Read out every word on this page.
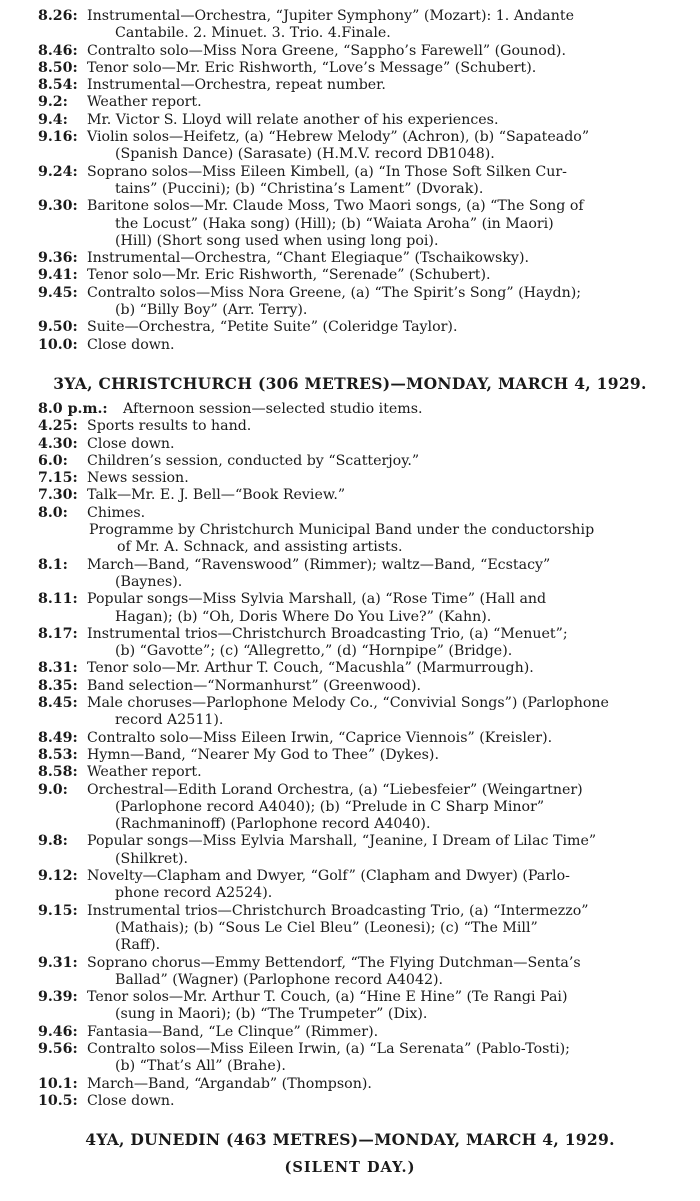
8.26: Instrumental—Orchestra, “Jupiter Symphony” (Mozart): 1. Andante
Cantabile. 2. Minuet. 3. Trio. 4.Finale.
8.46: Contralto solo—Miss Nora Greene, “Sappho’s Farewell” (Gounod).
8.50: Tenor solo—Mr. Eric Rishworth, “Love’s Message” (Schubert).
8.54: Instrumental—Orchestra, repeat number.
9.2: Weather report.
9.4: Mr. Victor S. Lloyd will relate another of his experiences.
9.16: Violin solos—Heifetz, (a) “Hebrew Melody” (Achron), (b) “Sapateado”
(Spanish Dance) (Sarasate) (H.M.V. record DB1048).
9.24: Soprano solos—Miss Eileen Kimbell, (a) “In Those Soft Silken Cur-
tains” (Puccini); (b) “Christina’s Lament” (Dvorak).
9.30: Baritone solos—Mr. Claude Moss, Two Maori songs, (a) “The Song of
the Locust” (Haka song) (Hill); (b) “Waiata Aroha” (in Maori)
(Hill) (Short song used when using long poi).
9.36: Instrumental—Orchestra, “Chant Elegiaque” (Tschaikowsky).
9.41: Tenor solo—Mr. Eric Rishworth, “Serenade” (Schubert).
9.45: Contralto solos—Miss Nora Greene, (a) “The Spirit’s Song” (Haydn);
(b) “Billy Boy” (Arr. Terry).
9.50: Suite—Orchestra, “Petite Suite” (Coleridge Taylor).
10.0: Close down.
3YA, CHRISTCHURCH (306 METRES)—MONDAY, MARCH 4, 1929.
8.0 p.m.: Afternoon session—selected studio items.
4.25: Sports results to hand.
4.30: Close down.
6.0: Children’s session, conducted by “Scatterjoy.”
7.15: News session.
7.30: Talk—Mr. E. J. Bell—“Book Review.”
8.0: Chimes.
Programme by Christchurch Municipal Band under the conductorship
of Mr. A. Schnack, and assisting artists.
8.1: March—Band, “Ravenswood” (Rimmer); waltz—Band, “Ecstacy”
(Baynes).
8.11: Popular songs—Miss Sylvia Marshall, (a) “Rose Time” (Hall and
Hagan); (b) “Oh, Doris Where Do You Live?” (Kahn).
8.17: Instrumental trios—Christchurch Broadcasting Trio, (a) “Menuet”;
(b) “Gavotte”; (c) “Allegretto,” (d) “Hornpipe” (Bridge).
8.31: Tenor solo—Mr. Arthur T. Couch, “Macushla” (Marmurrough).
8.35: Band selection—“Normanhurst” (Greenwood).
8.45: Male choruses—Parlophone Melody Co., “Convivial Songs”) (Parlophone
record A2511).
8.49: Contralto solo—Miss Eileen Irwin, “Caprice Viennois” (Kreisler).
8.53: Hymn—Band, “Nearer My God to Thee” (Dykes).
8.58: Weather report.
9.0: Orchestral—Edith Lorand Orchestra, (a) “Liebesfeier” (Weingartner)
(Parlophone record A4040); (b) “Prelude in C Sharp Minor”
(Rachmaninoff) (Parlophone record A4040).
9.8: Popular songs—Miss Eylvia Marshall, “Jeanine, I Dream of Lilac Time”
(Shilkret).
9.12: Novelty—Clapham and Dwyer, “Golf” (Clapham and Dwyer) (Parlo-
phone record A2524).
9.15: Instrumental trios—Christchurch Broadcasting Trio, (a) “Intermezzo”
(Mathais); (b) “Sous Le Ciel Bleu” (Leonesi); (c) “The Mill”
(Raff).
9.31: Soprano chorus—Emmy Bettendorf, “The Flying Dutchman—Senta’s
Ballad” (Wagner) (Parlophone record A4042).
9.39: Tenor solos—Mr. Arthur T. Couch, (a) “Hine E Hine” (Te Rangi Pai)
(sung in Maori); (b) “The Trumpeter” (Dix).
9.46: Fantasia—Band, “Le Clinque” (Rimmer).
9.56: Contralto solos—Miss Eileen Irwin, (a) “La Serenata” (Pablo-Tosti);
(b) “That’s All” (Brahe).
10.1: March—Band, “Argandab” (Thompson).
10.5: Close down.
4YA, DUNEDIN (463 METRES)—MONDAY, MARCH 4, 1929.
(SILENT DAY.)
